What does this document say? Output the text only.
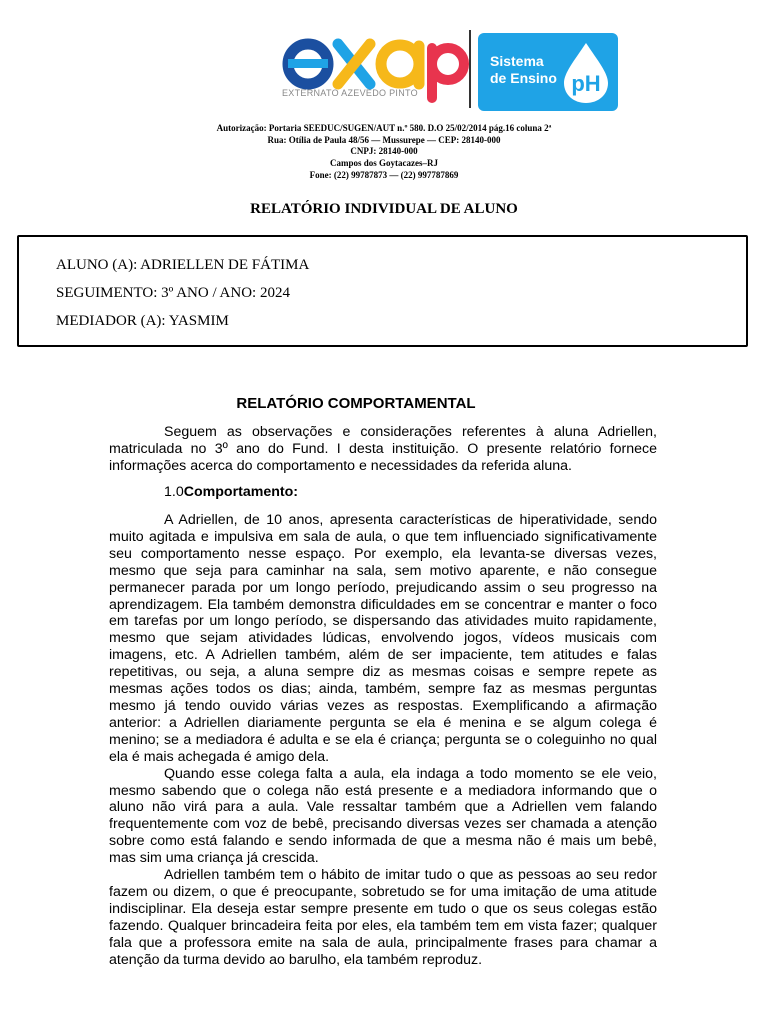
EXTERNATO AZEVEDO PINTO
Sistema
de Ensino pH
Autorização: Portaria SEEDUC/SUGEN/AUT n.º 580. D.O 25/02/2014 pág.16 coluna 2ª
Rua: Otília de Paula 48/56 — Mussurepe — CEP: 28140-000
CNPJ: 28140-000
Campos dos Goytacazes–RJ
Fone: (22) 99787873 — (22) 997787869
RELATÓRIO INDIVIDUAL DE ALUNO
ALUNO (A): ADRIELLEN DE FÁTIMA
SEGUIMENTO: 3º ANO / ANO: 2024
MEDIADOR (A): YASMIM
RELATÓRIO COMPORTAMENTAL

Seguem as observações e considerações referentes à aluna Adriellen, matriculada no 3º ano do Fund. I desta instituição. O presente relatório fornece informações acerca do comportamento e necessidades da referida aluna.

1.0Comportamento:

A Adriellen, de 10 anos, apresenta características de hiperatividade, sendo muito agitada e impulsiva em sala de aula, o que tem influenciado significativamente seu comportamento nesse espaço. Por exemplo, ela levanta-se diversas vezes, mesmo que seja para caminhar na sala, sem motivo aparente, e não consegue permanecer parada por um longo período, prejudicando assim o seu progresso na aprendizagem. Ela também demonstra dificuldades em se concentrar e manter o foco em tarefas por um longo período, se dispersando das atividades muito rapidamente, mesmo que sejam atividades lúdicas, envolvendo jogos, vídeos musicais com imagens, etc. A Adriellen também, além de ser impaciente, tem atitudes e falas repetitivas, ou seja, a aluna sempre diz as mesmas coisas e sempre repete as mesmas ações todos os dias; ainda, também, sempre faz as mesmas perguntas mesmo já tendo ouvido várias vezes as respostas. Exemplificando a afirmação anterior: a Adriellen diariamente pergunta se ela é menina e se algum colega é menino; se a mediadora é adulta e se ela é criança; pergunta se o coleguinho no qual ela é mais achegada é amigo dela.

Quando esse colega falta a aula, ela indaga a todo momento se ele veio, mesmo sabendo que o colega não está presente e a mediadora informando que o aluno não virá para a aula. Vale ressaltar também que a Adriellen vem falando frequentemente com voz de bebê, precisando diversas vezes ser chamada a atenção sobre como está falando e sendo informada de que a mesma não é mais um bebê, mas sim uma criança já crescida.

Adriellen também tem o hábito de imitar tudo o que as pessoas ao seu redor fazem ou dizem, o que é preocupante, sobretudo se for uma imitação de uma atitude indisciplinar. Ela deseja estar sempre presente em tudo o que os seus colegas estão fazendo. Qualquer brincadeira feita por eles, ela também tem em vista fazer; qualquer fala que a professora emite na sala de aula, principalmente frases para chamar a atenção da turma devido ao barulho, ela também reproduz.
